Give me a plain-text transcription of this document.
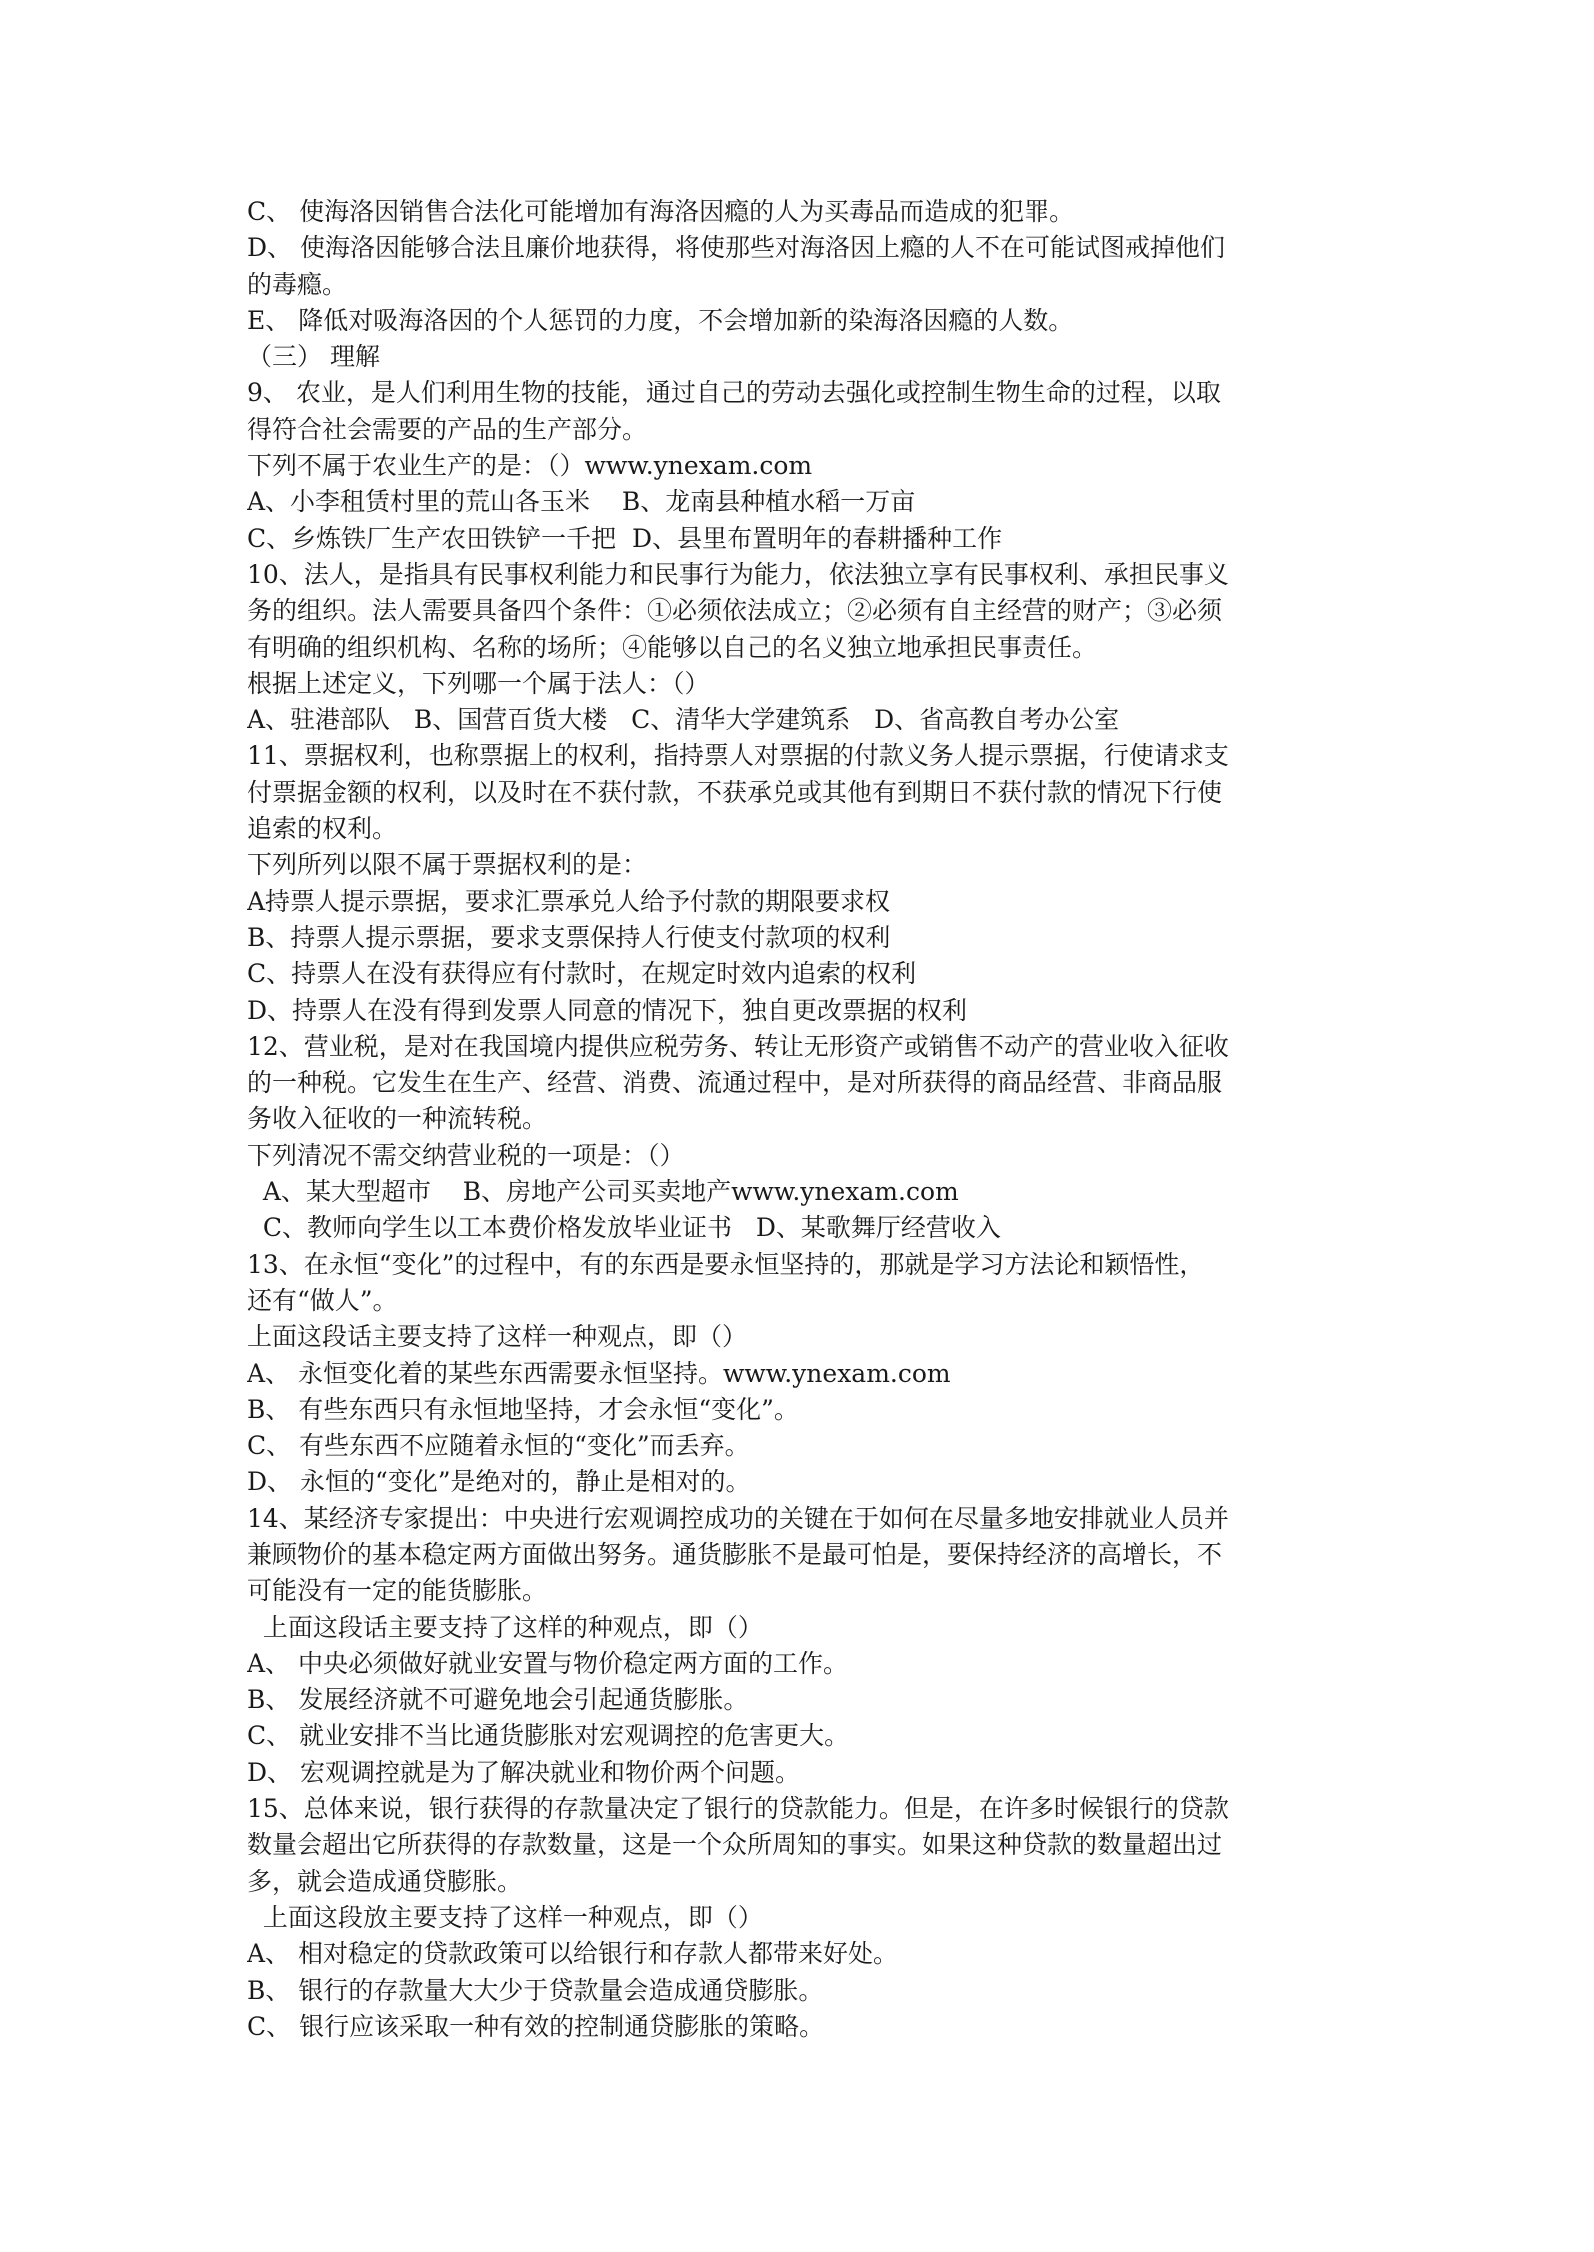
C、 使海洛因销售合法化可能增加有海洛因瘾的人为买毒品而造成的犯罪。
D、 使海洛因能够合法且廉价地获得，将使那些对海洛因上瘾的人不在可能试图戒掉他们
的毒瘾。
E、 降低对吸海洛因的个人惩罚的力度，不会增加新的染海洛因瘾的人数。
（三） 理解
9、 农业，是人们利用生物的技能，通过自己的劳动去强化或控制生物生命的过程，以取
得符合社会需要的产品的生产部分。
下列不属于农业生产的是：（）www.ynexam.com
A、小李租赁村里的荒山各玉米    B、龙南县种植水稻一万亩
C、乡炼铁厂生产农田铁铲一千把  D、县里布置明年的春耕播种工作
10、法人，是指具有民事权利能力和民事行为能力，依法独立享有民事权利、承担民事义
务的组织。法人需要具备四个条件：①必须依法成立；②必须有自主经营的财产；③必须
有明确的组织机构、名称的场所；④能够以自己的名义独立地承担民事责任。
根据上述定义，下列哪一个属于法人：（）
A、驻港部队   B、国营百货大楼   C、清华大学建筑系   D、省高教自考办公室
11、票据权利，也称票据上的权利，指持票人对票据的付款义务人提示票据，行使请求支
付票据金额的权利，以及时在不获付款，不获承兑或其他有到期日不获付款的情况下行使
追索的权利。
下列所列以限不属于票据权利的是：
A持票人提示票据，要求汇票承兑人给予付款的期限要求权
B、持票人提示票据，要求支票保持人行使支付款项的权利
C、持票人在没有获得应有付款时，在规定时效内追索的权利
D、持票人在没有得到发票人同意的情况下，独自更改票据的权利
12、营业税，是对在我国境内提供应税劳务、转让无形资产或销售不动产的营业收入征收
的一种税。它发生在生产、经营、消费、流通过程中，是对所获得的商品经营、非商品服
务收入征收的一种流转税。
下列清况不需交纳营业税的一项是：（）
A、某大型超市    B、房地产公司买卖地产www.ynexam.com
C、教师向学生以工本费价格发放毕业证书   D、某歌舞厅经营收入
13、在永恒“变化”的过程中，有的东西是要永恒坚持的，那就是学习方法论和颖悟性，
还有“做人”。
上面这段话主要支持了这样一种观点，即（）
A、 永恒变化着的某些东西需要永恒坚持。www.ynexam.com
B、 有些东西只有永恒地坚持，才会永恒“变化”。
C、 有些东西不应随着永恒的“变化”而丢弃。
D、 永恒的“变化”是绝对的，静止是相对的。
14、某经济专家提出：中央进行宏观调控成功的关键在于如何在尽量多地安排就业人员并
兼顾物价的基本稳定两方面做出努务。通货膨胀不是最可怕是，要保持经济的高增长，不
可能没有一定的能货膨胀。
上面这段话主要支持了这样的种观点，即（）
A、 中央必须做好就业安置与物价稳定两方面的工作。
B、 发展经济就不可避免地会引起通货膨胀。
C、 就业安排不当比通货膨胀对宏观调控的危害更大。
D、 宏观调控就是为了解决就业和物价两个问题。
15、总体来说，银行获得的存款量决定了银行的贷款能力。但是，在许多时候银行的贷款
数量会超出它所获得的存款数量，这是一个众所周知的事实。如果这种贷款的数量超出过
多，就会造成通贷膨胀。
上面这段放主要支持了这样一种观点，即（）
A、 相对稳定的贷款政策可以给银行和存款人都带来好处。
B、 银行的存款量大大少于贷款量会造成通贷膨胀。
C、 银行应该采取一种有效的控制通贷膨胀的策略。
